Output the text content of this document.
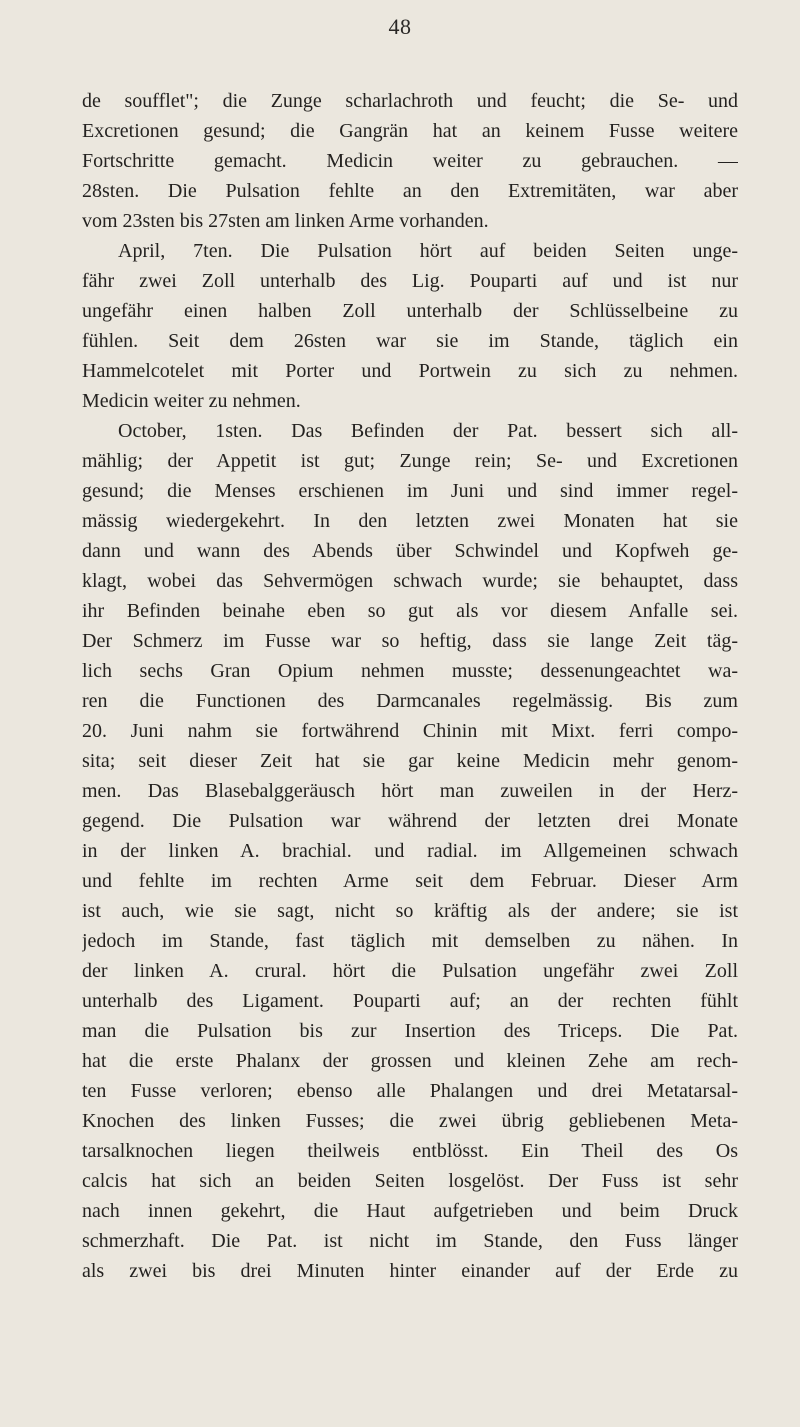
48
de soufflet"; die Zunge scharlachroth und feucht; die Se- und
Excretionen gesund; die Gangrän hat an keinem Fusse weitere
Fortschritte gemacht. Medicin weiter zu gebrauchen. —
28sten. Die Pulsation fehlte an den Extremitäten, war aber
vom 23sten bis 27sten am linken Arme vorhanden.
April, 7ten. Die Pulsation hört auf beiden Seiten unge-
fähr zwei Zoll unterhalb des Lig. Pouparti auf und ist nur
ungefähr einen halben Zoll unterhalb der Schlüsselbeine zu
fühlen. Seit dem 26sten war sie im Stande, täglich ein
Hammelcotelet mit Porter und Portwein zu sich zu nehmen.
Medicin weiter zu nehmen.
October, 1sten. Das Befinden der Pat. bessert sich all-
mählig; der Appetit ist gut; Zunge rein; Se- und Excretionen
gesund; die Menses erschienen im Juni und sind immer regel-
mässig wiedergekehrt. In den letzten zwei Monaten hat sie
dann und wann des Abends über Schwindel und Kopfweh ge-
klagt, wobei das Sehvermögen schwach wurde; sie behauptet, dass
ihr Befinden beinahe eben so gut als vor diesem Anfalle sei.
Der Schmerz im Fusse war so heftig, dass sie lange Zeit täg-
lich sechs Gran Opium nehmen musste; dessenungeachtet wa-
ren die Functionen des Darmcanales regelmässig. Bis zum
20. Juni nahm sie fortwährend Chinin mit Mixt. ferri compo-
sita; seit dieser Zeit hat sie gar keine Medicin mehr genom-
men. Das Blasebalggeräusch hört man zuweilen in der Herz-
gegend. Die Pulsation war während der letzten drei Monate
in der linken A. brachial. und radial. im Allgemeinen schwach
und fehlte im rechten Arme seit dem Februar. Dieser Arm
ist auch, wie sie sagt, nicht so kräftig als der andere; sie ist
jedoch im Stande, fast täglich mit demselben zu nähen. In
der linken A. crural. hört die Pulsation ungefähr zwei Zoll
unterhalb des Ligament. Pouparti auf; an der rechten fühlt
man die Pulsation bis zur Insertion des Triceps. Die Pat.
hat die erste Phalanx der grossen und kleinen Zehe am rech-
ten Fusse verloren; ebenso alle Phalangen und drei Metatarsal-
Knochen des linken Fusses; die zwei übrig gebliebenen Meta-
tarsalknochen liegen theilweis entblösst. Ein Theil des Os
calcis hat sich an beiden Seiten losgelöst. Der Fuss ist sehr
nach innen gekehrt, die Haut aufgetrieben und beim Druck
schmerzhaft. Die Pat. ist nicht im Stande, den Fuss länger
als zwei bis drei Minuten hinter einander auf der Erde zu
